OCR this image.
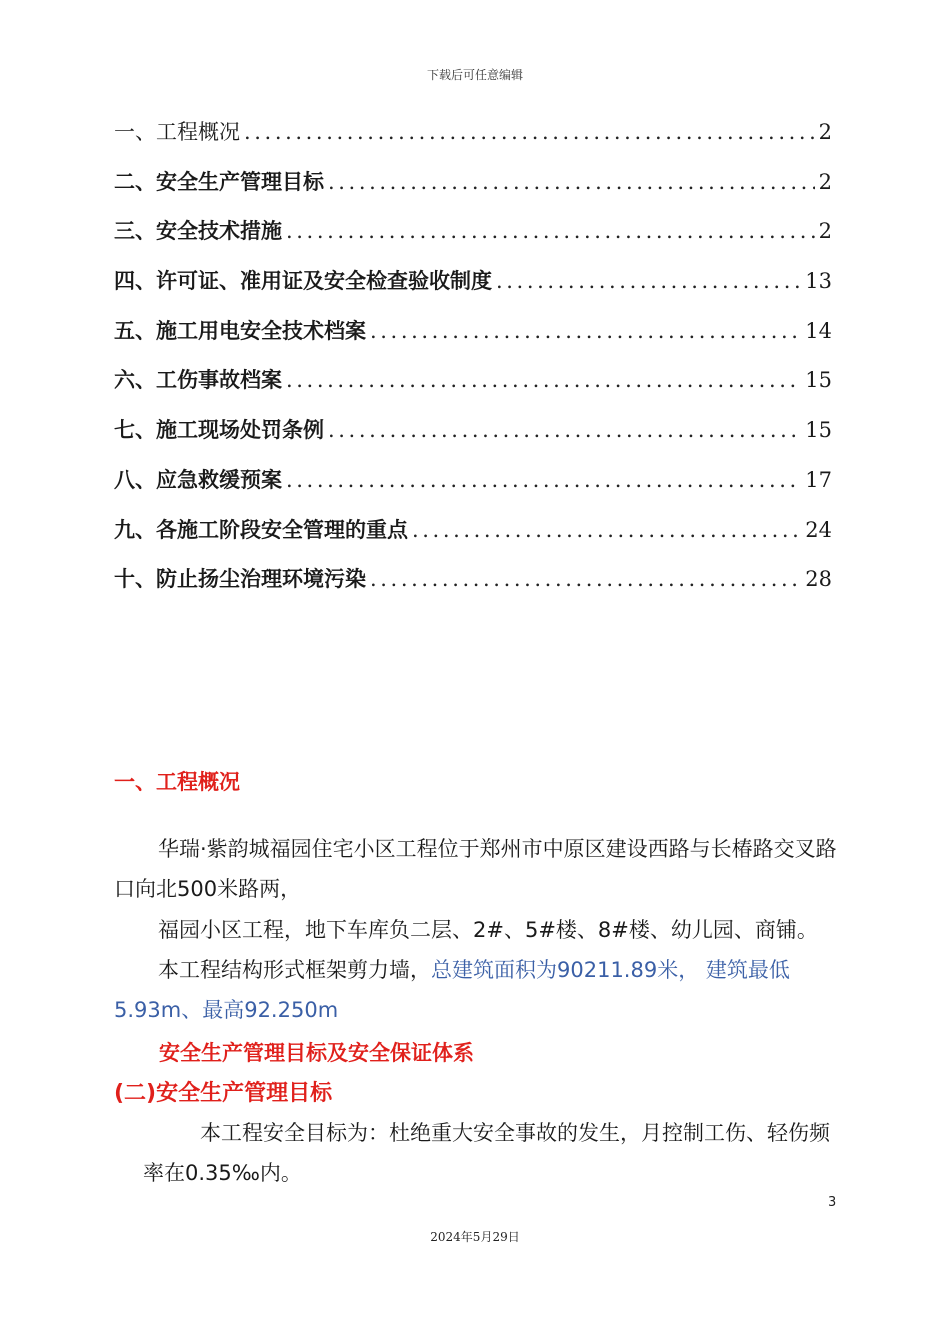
下载后可任意编辑
一、工程概况 .....	2
二、安全生产管理目标 .....	2
三、安全技术措施 .....	2
四、许可证、准用证及安全检查验收制度 .....	13
五、施工用电安全技术档案 .....	14
六、工伤事故档案 .....	15
七、施工现场处罚条例 .....	15
八、应急救缓预案 .....	17
九、各施工阶段安全管理的重点 .....	24
十、防止扬尘治理环境污染 .....	28
一、工程概况
华瑞·紫韵城福园住宅小区工程位于郑州市中原区建设西路与长椿路交叉路口向北500米路两，
福园小区工程，地下车库负二层、2#、5#楼、8#楼、幼儿园、商铺。
本工程结构形式框架剪力墙，总建筑面积为90211.89米， 建筑最低5.93m、最高92.250m
安全生产管理目标及安全保证体系
(二)安全生产管理目标
本工程安全目标为：杜绝重大安全事故的发生，月控制工伤、轻伤频率在0.35‰内。
3
2024年5月29日
